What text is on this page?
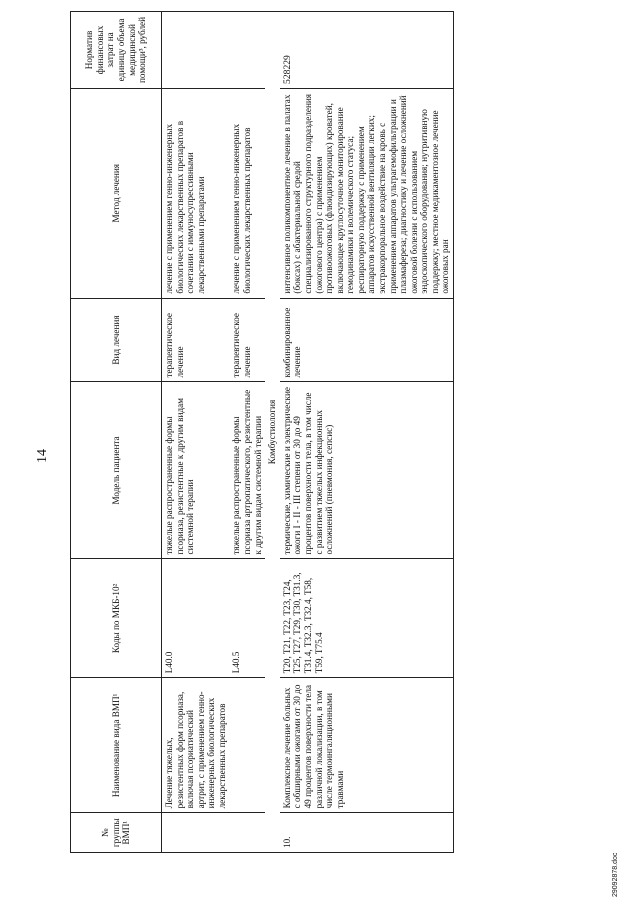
14
№ группы ВМП¹	Наименование вида ВМП¹	Коды по МКБ-10²	Модель пациента	Вид лечения	Метод лечения	Норматив финансовых затрат на единицу объема медицинской помощи³, рублей
	Лечение тяжелых, резистентных форм псориаза, включая псориатический артрит, с применением генно-инженерных биологических лекарственных препаратов	L40.0	тяжелые распространенные формы псориаза, резистентные к другим видам системной терапии	терапевтическое лечение	лечение с применением генно-инженерных биологических лекарственных препаратов в сочетании с иммуносупрессивными лекарственными препаратами	
		L40.5	тяжелые распространенные формы псориаза артропатического, резистентные к другим видам системной терапии	терапевтическое лечение	лечение с применением генно-инженерных биологических лекарственных препаратов	
Комбустиология						
10.	Комплексное лечение больных с обширными ожогами от 30 до 49 процентов поверхности тела различной локализации, в том числе термоингаляционными травмами	T20, T21, T22, T23, T24, T25, T27, T29, T30, T31.3, T31.4, T32.3, T32.4, T58, T59, T75.4	термические, химические и электрические ожоги I - II - III степени от 30 до 49 процентов поверхности тела, в том числе с развитием тяжелых инфекционных осложнений (пневмония, сепсис)	комбинированное лечение	интенсивное поликомпонентное лечение в палатах (боксах) с абактериальной средой специализированного структурного подразделения (ожогового центра) с применением противоожоговых (флюидизирующих) кроватей, включающее круглосуточное мониторирование гемодинамики и волемического статуса; респираторную поддержку с применением аппаратов искусственной вентиляции легких; экстракорпоральное воздействие на кровь с применением аппаратов ультрагемофильтрации и плазмафереза; диагностику и лечение осложнений ожоговой болезни с использованием эндоскопического оборудования; нутритивную поддержку; местное медикаментозное лечение ожоговых ран	528229
29092878.doc
